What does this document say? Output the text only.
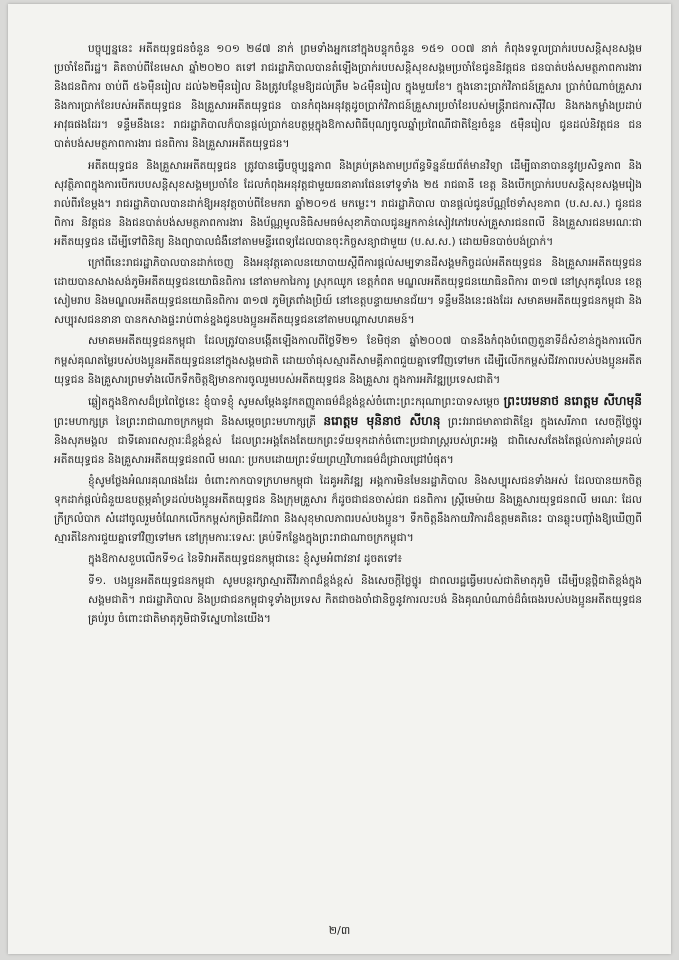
បច្ចុប្បន្ននេះ អតីតយុទ្ធជនចំនួន ១០១ ២៨៧ នាក់ ព្រមទាំងអ្នកនៅក្នុងបន្ទុកចំនួន ១៥១ ០០៧ នាក់ កំពុងទទួលប្រាក់របបសន្តិសុខសង្គមប្រចាំខែពីរដ្ឋ។ គិតចាប់ពីខែមេសា ឆ្នាំ២០២០ តទៅ រាជរដ្ឋាភិបាលបានតំឡើងប្រាក់របបសន្តិសុខសង្គមប្រចាំខែជូននិវត្តជន ជនបាត់បង់សមត្ថភាពការងារ និងជនពិការ ចាប់ពី ៥៦ម៉ឺនរៀល ដល់៦២ម៉ឺនរៀល និងត្រូវបន្ថែមឱ្យដល់ត្រឹម ៦៤ម៉ឺនរៀល ក្នុងមួយខែ។ ក្នុងនោះប្រាក់វិភាជន៍គ្រួសារ ប្រាក់បំណាច់គ្រួសារ និងការប្រាក់ខែរបស់អតីតយុទ្ធជន និងគ្រួសារអតីតយុទ្ធជន បានកំពុងអនុវត្តដូចប្រាក់វិភាជន៍គ្រួសារប្រចាំខែរបស់មន្ត្រីរាជការស៊ីវិល និងកងកម្លាំងប្រដាប់អាវុធផងដែរ។ ទន្ទឹមនឹងនេះ រាជរដ្ឋាភិបាលក៏បានផ្តល់ប្រាក់ឧបត្ថម្ភក្នុងឱកាសពិធីបុណ្យចូលឆ្នាំប្រពៃណីជាតិខ្មែរចំនួន ៥ម៉ឺនរៀល ជូនដល់និវត្តជន ជនបាត់បង់សមត្ថភាពការងារ ជនពិការ និងគ្រួសារអតីតយុទ្ធជន។

អតីតយុទ្ធជន និងគ្រួសារអតីតយុទ្ធជន ត្រូវបានធ្វើបច្ចុប្បន្នភាព និងគ្រប់គ្រងតាមប្រព័ន្ធទិន្នន័យព័ត៌មានវិទ្យា ដើម្បីធានាបាននូវប្រសិទ្ធភាព និងសុវត្ថិភាពក្នុងការបើករបបសន្តិសុខសង្គមប្រចាំខែ ដែលកំពុងអនុវត្តជាមួយធនាគារផែនទៅទូទាំង ២៥ រាជធានី ខេត្ត និងបើកប្រាក់របបសន្តិសុខសង្គមរៀងរាល់ពីរខែម្តង។ រាជរដ្ឋាភិបាលបានដាក់ឱ្យអនុវត្តចាប់ពីខែមករា ឆ្នាំ២០១៥ មកម្លេះ។ រាជរដ្ឋាភិបាល បានផ្តល់ជូនប័ណ្ណថែទាំសុខភាព (ប.ស.ស.) ជូនជនពិការ និវត្តជន និងជនបាត់បង់សមត្ថភាពការងារ និងប័ណ្ណមូលនិធិសមធម៌សុខាភិបាលជូនអ្នកកាន់សៀវភៅរបស់គ្រួសារជនពលី និងគ្រួសារជនមរណៈជាអតីតយុទ្ធជន ដើម្បីទៅពិនិត្យ និងព្យាបាលជំងឺនៅតាមមន្ទីរពេទ្យដែលបានចុះកិច្ចសន្យាជាមួយ (ប.ស.ស.) ដោយមិនបាច់បង់ប្រាក់។

ក្រៅពីនេះរាជរដ្ឋាភិបាលបានដាក់ចេញ និងអនុវត្តគោលនយោបាយស្តីពីការផ្តល់សម្បទានដីសង្គមកិច្ចដល់អតីតយុទ្ធជន និងគ្រួសារអតីតយុទ្ធជន ដោយបានសាងសង់ភូមិអតីតយុទ្ធជនយោធិនពិការ នៅតាមការៃការូ ស្រុកឈូក ខេត្តកំពត មណ្ឌលអតីតយុទ្ធជនយោធិនពិការ ៣១៧ នៅស្រុកគូលែន ខេត្តសៀមរាប និងមណ្ឌលអតីតយុទ្ធជនយោធិនពិការ ៣១៧ ភូមិត្រពាំងប្រិយ៍ នៅខេត្តបន្ទាយមានជ័យ។ ទន្ទឹមនឹងនេះផងដែរ សមាគមអតីតយុទ្ធជនកម្ពុជា និងសប្បុរសជននានា បានកសាងផ្ទះរាប់ពាន់ខ្នងជូនបងប្អូនអតីតយុទ្ធជននៅតាមបណ្តាសហគមន៍។

សមាគមអតីតយុទ្ធជនកម្ពុជា ដែលត្រូវបានបង្កើតឡើងកាលពីថ្ងៃទី២១ ខែមិថុនា ឆ្នាំ២០០៧ បាននឹងកំពុងបំពេញតួនាទីដ៏សំខាន់ក្នុងការលើកកម្ពស់គុណតម្លៃរបស់បងប្អូនអតីតយុទ្ធជននៅក្នុងសង្គមជាតិ ដោយចាំផុសស្មារតីសាមគ្គីភាពជួយគ្នាទៅវិញទៅមក ដើម្បីលើកកម្ពស់ជីវភាពរបស់បងប្អូនអតីតយុទ្ធជន និងគ្រួសារព្រមទាំងលើកទឹកចិត្តឱ្យមានការចូលរួមរបស់អតីតយុទ្ធជន និងគ្រួសារ ក្នុងការអភិវឌ្ឍប្រទេសជាតិ។

ឆ្លៀតក្នុងឱកាសដ៏ប្រពៃថ្ងៃនេះ ខ្ញុំបាទខ្ញុំ សូមសម្តែងនូវកតញ្ញូតាធម៌ដ៏ខ្ពង់ខ្ពស់ចំពោះព្រះករុណាព្រះបាទសម្តេច ព្រះបរមនាថ នរោត្តម សីហមុនី ព្រះមហាក្សត្រ នៃព្រះរាជាណាចក្រកម្ពុជា និងសម្តេចព្រះមហាក្សត្រី នរោត្តម មុនិនាថ សីហនុ ព្រះវររាជមាតាជាតិខ្មែរ ក្នុងសេរីភាព សេចក្តីថ្លៃថ្នូរ និងសុភមង្គល ជាទីគោរពសក្ការៈដ៏ខ្ពង់ខ្ពស់ ដែលព្រះអង្គតែងតែយកព្រះទ័យទុកដាក់ចំពោះប្រជារាស្ត្ររបស់ព្រះអង្គ ជាពិសេសតែងតែផ្តល់ការគាំទ្រដល់អតីតយុទ្ធជន និងគ្រួសារអតីតយុទ្ធជនពលី មរណៈ ប្រកបដោយព្រះទ័យព្រហ្មវិហារធម៌ដ៏ជ្រាលជ្រៅបំផុត។

ខ្ញុំសូមថ្លែងអំណរគុណផងដែរ ចំពោះកាកបាទក្រហមកម្ពុជា ដៃគូអភិវឌ្ឍ អង្គការមិនមែនរដ្ឋាភិបាល និងសប្បុរសជនទាំងអស់ ដែលបានយកចិត្តទុកដាក់ផ្តល់ជំនួយឧបត្ថម្ភគាំទ្រដល់បងប្អូនអតីតយុទ្ធជន និងក្រុមគ្រួសារ ក៏ដូចជាជនចាស់ជរា ជនពិការ ស្ត្រីមេម៉ាយ និងគ្រួសារយុទ្ធជនពលី មរណៈ ដែលក្រីក្រលំបាក សំដៅចូលរួមចំណែកលើកកម្ពស់កម្រិតជីវភាព និងសុខុមាលភាពរបស់បងប្អូន។ ទឹកចិត្តនឹងកាយវិការដ៏ឧត្តមគតិនេះ បានឆ្លុះបញ្ចាំងឱ្យឃើញពីស្មារតីនៃការជួយគ្នាទៅវិញទៅមក នៅក្រុមការៈទេសៈ គ្រប់ទីកន្លែងក្នុងព្រះរាជាណាចក្រកម្ពុជា។

ក្នុងឱកាសខួបលើកទី១៤ នៃទិវាអតីតយុទ្ធជនកម្ពុជានេះ ខ្ញុំសូមអំពាវនាវ ដូចតទៅ៖

ទី១. បងប្អូនអតីតយុទ្ធជនកម្ពុជា សូមបន្តរក្សាស្មារតីវីរភាពដ៏ខ្ពង់ខ្ពស់ និងសេចក្តីថ្លៃថ្នូរ ជាពលរដ្ឋធ្វើមរបស់ជាតិមាតុភូមិ ដើម្បីបន្តថ្ពិជាតិខ្ពង់ក្នុងសង្គមជាតិ។ រាជរដ្ឋាភិបាល និងប្រជាជនកម្ពុជាទូទាំងប្រទេស កិតជាចងចាំជានិច្ចនូវការលះបង់ និងគុណបំណាច់ដ៏ធំធេងរបស់បងប្អូនអតីតយុទ្ធជនគ្រប់រូប ចំពោះជាតិមាតុភូមិជាទីស្នេហានៃយើង។

២/៣
